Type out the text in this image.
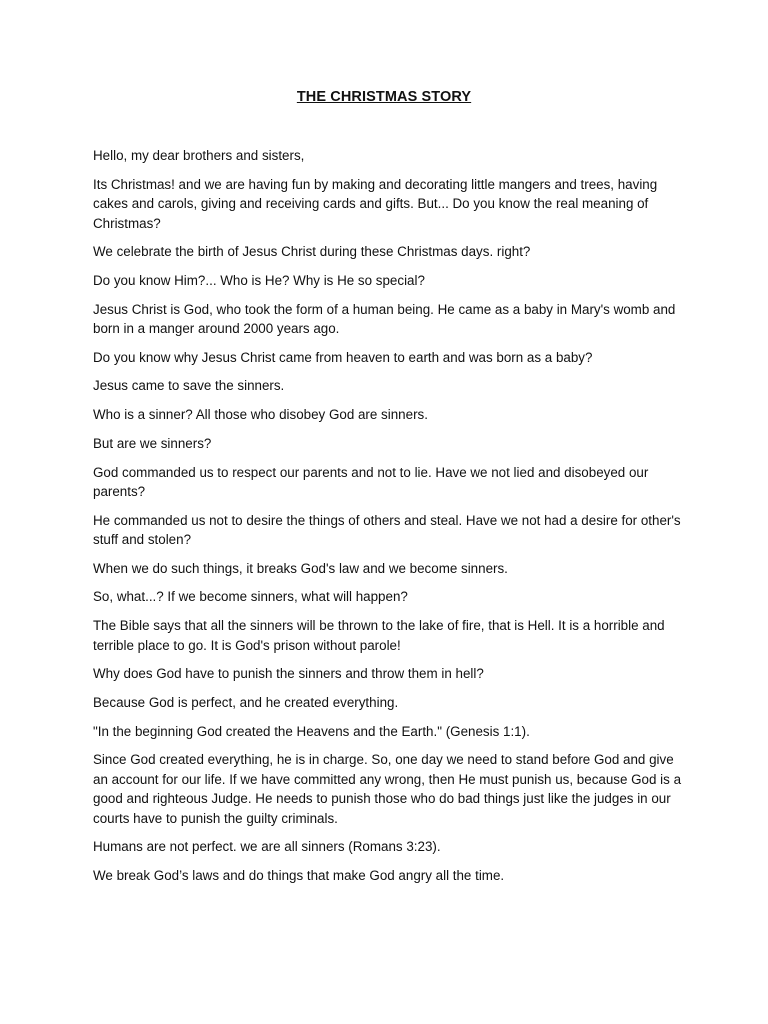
THE CHRISTMAS STORY

Hello, my dear brothers and sisters,

Its Christmas! and we are having fun by making and decorating little mangers and trees, having cakes and carols, giving and receiving cards and gifts. But... Do you know the real meaning of Christmas?

We celebrate the birth of Jesus Christ during these Christmas days. right?

Do you know Him?... Who is He? Why is He so special?

Jesus Christ is God, who took the form of a human being. He came as a baby in Mary's womb and born in a manger around 2000 years ago.

Do you know why Jesus Christ came from heaven to earth and was born as a baby?

Jesus came to save the sinners.

Who is a sinner? All those who disobey God are sinners.

But are we sinners?

God commanded us to respect our parents and not to lie. Have we not lied and disobeyed our parents?

He commanded us not to desire the things of others and steal. Have we not had a desire for other's stuff and stolen?

When we do such things, it breaks God's law and we become sinners.

So, what...? If we become sinners, what will happen?

The Bible says that all the sinners will be thrown to the lake of fire, that is Hell. It is a horrible and terrible place to go. It is God's prison without parole!

Why does God have to punish the sinners and throw them in hell?

Because God is perfect, and he created everything.

"In the beginning God created the Heavens and the Earth." (Genesis 1:1).

Since God created everything, he is in charge. So, one day we need to stand before God and give an account for our life. If we have committed any wrong, then He must punish us, because God is a good and righteous Judge. He needs to punish those who do bad things just like the judges in our courts have to punish the guilty criminals.

Humans are not perfect. we are all sinners (Romans 3:23).

We break God’s laws and do things that make God angry all the time.
